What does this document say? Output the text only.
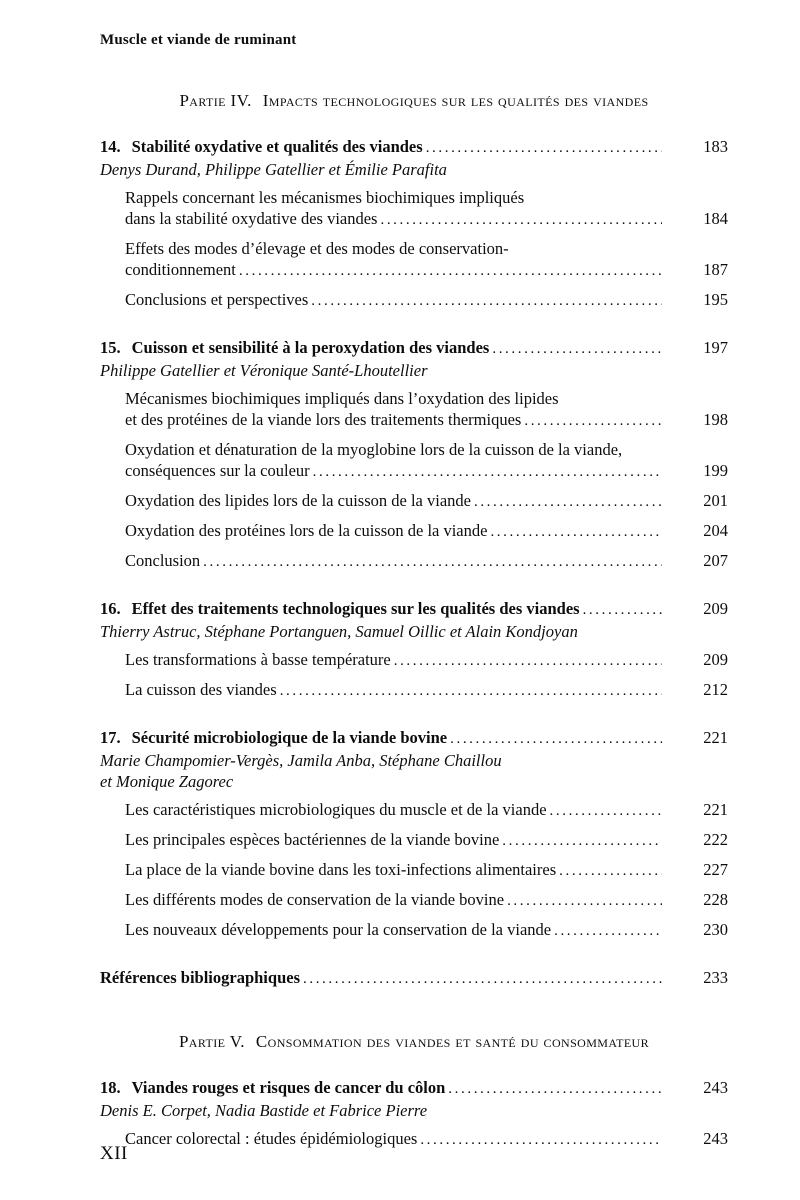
Muscle et viande de ruminant
Partie IV. Impacts technologiques sur les qualités des viandes
14. Stabilité oxydative et qualités des viandes .....	183
Denys Durand, Philippe Gatellier et Émilie Parafita
Rappels concernant les mécanismes biochimiques impliqués
dans la stabilité oxydative des viandes .....	184
Effets des modes d’élevage et des modes de conservation-
conditionnement .....	187
Conclusions et perspectives .....	195
15. Cuisson et sensibilité à la peroxydation des viandes .....	197
Philippe Gatellier et Véronique Santé-Lhoutellier
Mécanismes biochimiques impliqués dans l’oxydation des lipides
et des protéines de la viande lors des traitements thermiques .....	198
Oxydation et dénaturation de la myoglobine lors de la cuisson de la viande,
conséquences sur la couleur .....	199
Oxydation des lipides lors de la cuisson de la viande .....	201
Oxydation des protéines lors de la cuisson de la viande .....	204
Conclusion .....	207
16. Effet des traitements technologiques sur les qualités des viandes .....	209
Thierry Astruc, Stéphane Portanguen, Samuel Oillic et Alain Kondjoyan
Les transformations à basse température .....	209
La cuisson des viandes .....	212
17. Sécurité microbiologique de la viande bovine .....	221
Marie Champomier-Vergès, Jamila Anba, Stéphane Chaillou
et Monique Zagorec
Les caractéristiques microbiologiques du muscle et de la viande .....	221
Les principales espèces bactériennes de la viande bovine .....	222
La place de la viande bovine dans les toxi-infections alimentaires .....	227
Les différents modes de conservation de la viande bovine .....	228
Les nouveaux développements pour la conservation de la viande .....	230
Références bibliographiques .....	233
Partie V. Consommation des viandes et santé du consommateur
18. Viandes rouges et risques de cancer du côlon .....	243
Denis E. Corpet, Nadia Bastide et Fabrice Pierre
Cancer colorectal : études épidémiologiques .....	243
XII
